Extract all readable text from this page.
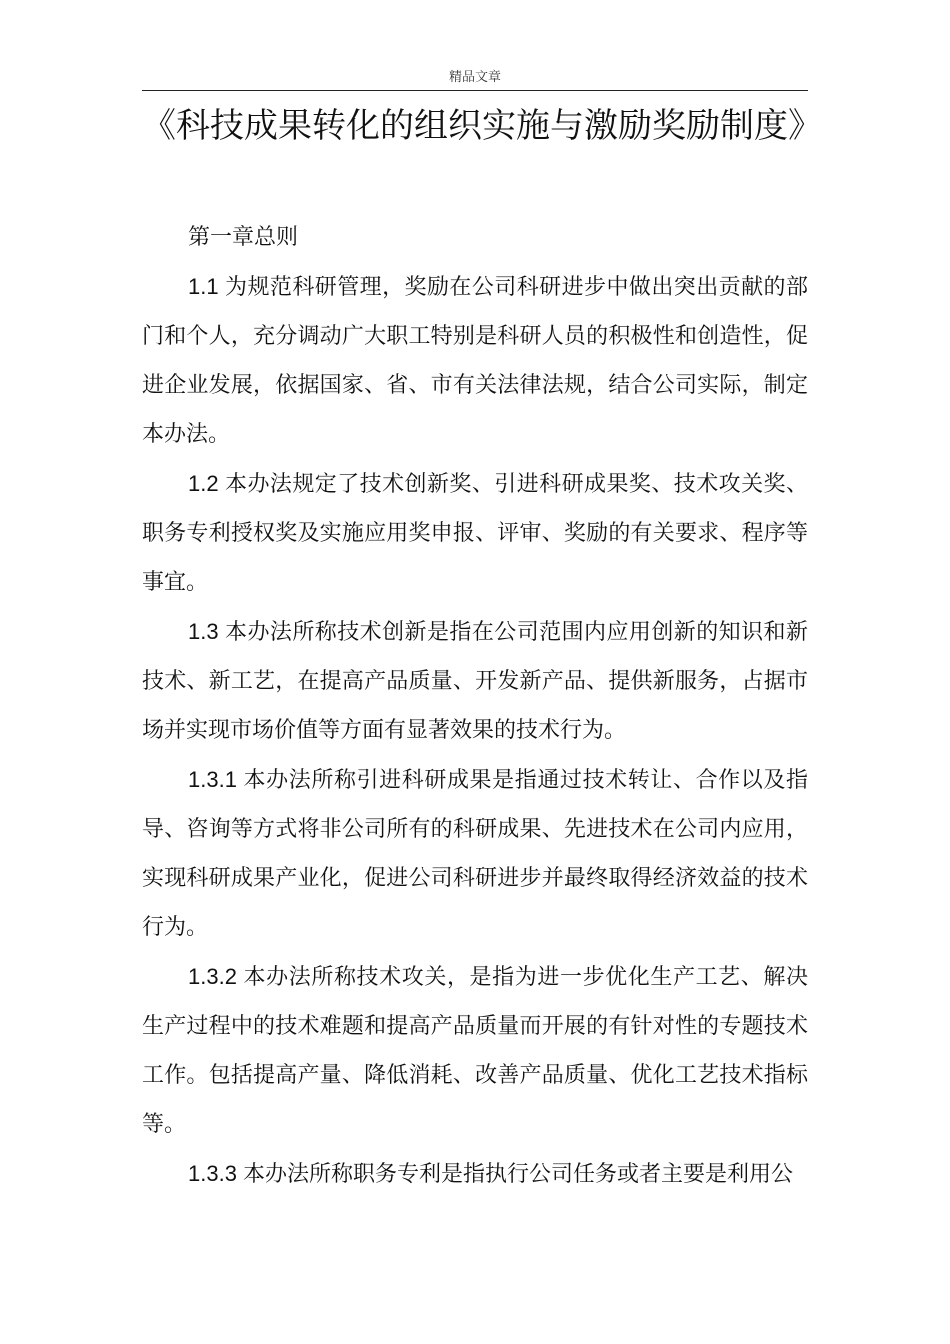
精品文章
《科技成果转化的组织实施与激励奖励制度》

第一章总则

1.1 为规范科研管理，奖励在公司科研进步中做出突出贡献的部门和个人，充分调动广大职工特别是科研人员的积极性和创造性，促进企业发展，依据国家、省、市有关法律法规，结合公司实际，制定本办法。

1.2 本办法规定了技术创新奖、引进科研成果奖、技术攻关奖、职务专利授权奖及实施应用奖申报、评审、奖励的有关要求、程序等事宜。

1.3 本办法所称技术创新是指在公司范围内应用创新的知识和新技术、新工艺，在提高产品质量、开发新产品、提供新服务，占据市场并实现市场价值等方面有显著效果的技术行为。

1.3.1 本办法所称引进科研成果是指通过技术转让、合作以及指导、咨询等方式将非公司所有的科研成果、先进技术在公司内应用，实现科研成果产业化，促进公司科研进步并最终取得经济效益的技术行为。

1.3.2 本办法所称技术攻关，是指为进一步优化生产工艺、解决生产过程中的技术难题和提高产品质量而开展的有针对性的专题技术工作。包括提高产量、降低消耗、改善产品质量、优化工艺技术指标等。

1.3.3 本办法所称职务专利是指执行公司任务或者主要是利用公
